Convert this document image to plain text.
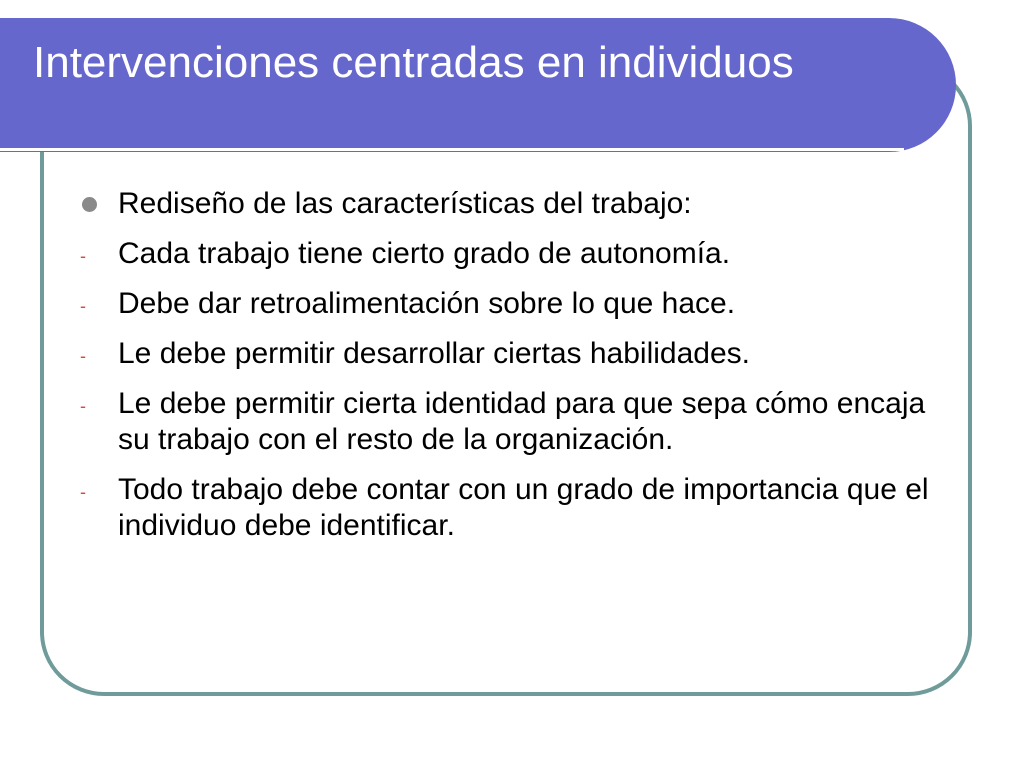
Intervenciones centradas en individuos
Rediseño de las características del trabajo:
- Cada trabajo tiene cierto grado de autonomía.
- Debe dar retroalimentación sobre lo que hace.
- Le debe permitir desarrollar ciertas habilidades.
- Le debe permitir cierta identidad para que sepa cómo encaja su trabajo con el resto de la organización.
- Todo trabajo debe contar con un grado de importancia que el individuo debe identificar.
